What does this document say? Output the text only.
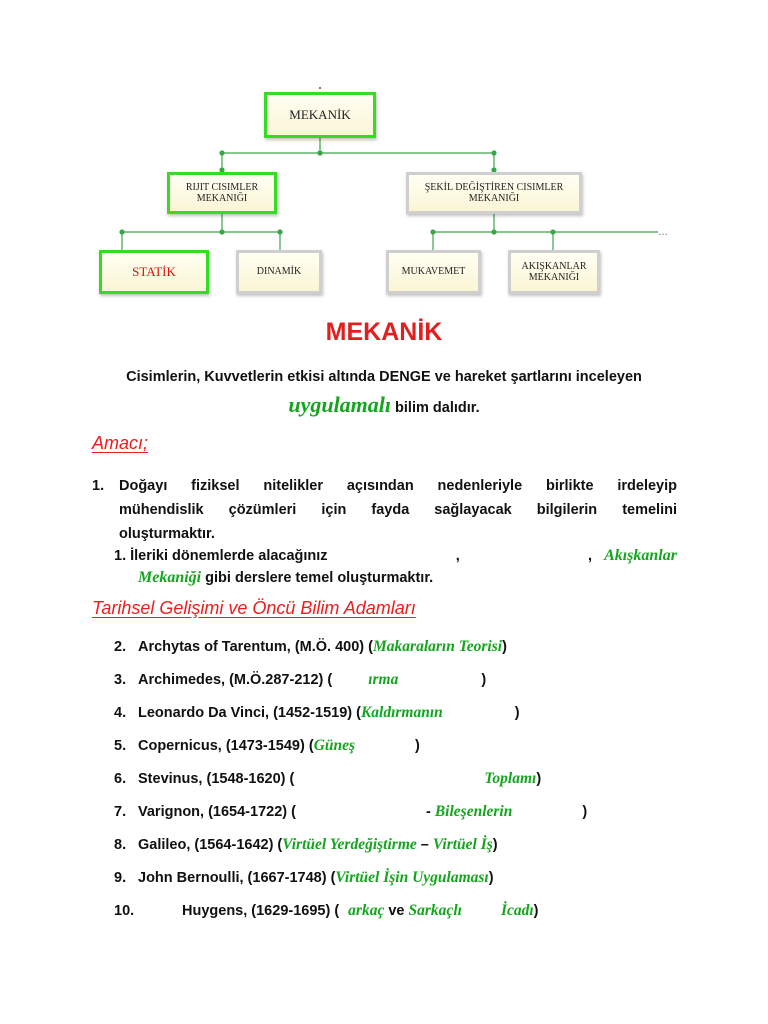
…
MEKANİK
RIJIT CISIMLER
MEKANIĞI
ŞEKİL DEĞİŞTİREN CISIMLER
MEKANIĞI
STATİK	DINAMİK	MUKAVEMET
AKIŞKANLAR
MEKANIĞI
MEKANİK
Cisimlerin, Kuvvetlerin etkisi altında DENGE ve hareket şartlarını inceleyen
uygulamalı bilim dalıdır.
Amacı;
1. Doğayı fiziksel nitelikler açısından nedenleriyle birlikte irdeleyip
mühendislik çözümleri için fayda sağlayacak bilgilerin temelini
oluşturmaktır.
1. İleriki dönemlerde alacağınız	,	, Akışkanlar
Mekaniği gibi derslere temel oluşturmaktır.
Tarihsel Gelişimi ve Öncü Bilim Adamları
2. Archytas of Tarentum, (M.Ö. 400) (Makaraların Teorisi)
3. Archimedes, (M.Ö.287-212) ( ırma	)
4. Leonardo Da Vinci, (1452-1519) (Kaldırmanın	)
5. Copernicus, (1473-1549) (Güneş	)
6. Stevinus, (1548-1620) (	Toplamı)
7. Varignon, (1654-1722) (	- Bileşenlerin	)
8. Galileo, (1564-1642) (Virtüel Yerdeğiştirme – Virtüel İş)
9. John Bernoulli, (1667-1748) (Virtüel İşin Uygulaması)
10.	Huygens, (1629-1695) ( arkaç ve Sarkaçlı	İcadı)
